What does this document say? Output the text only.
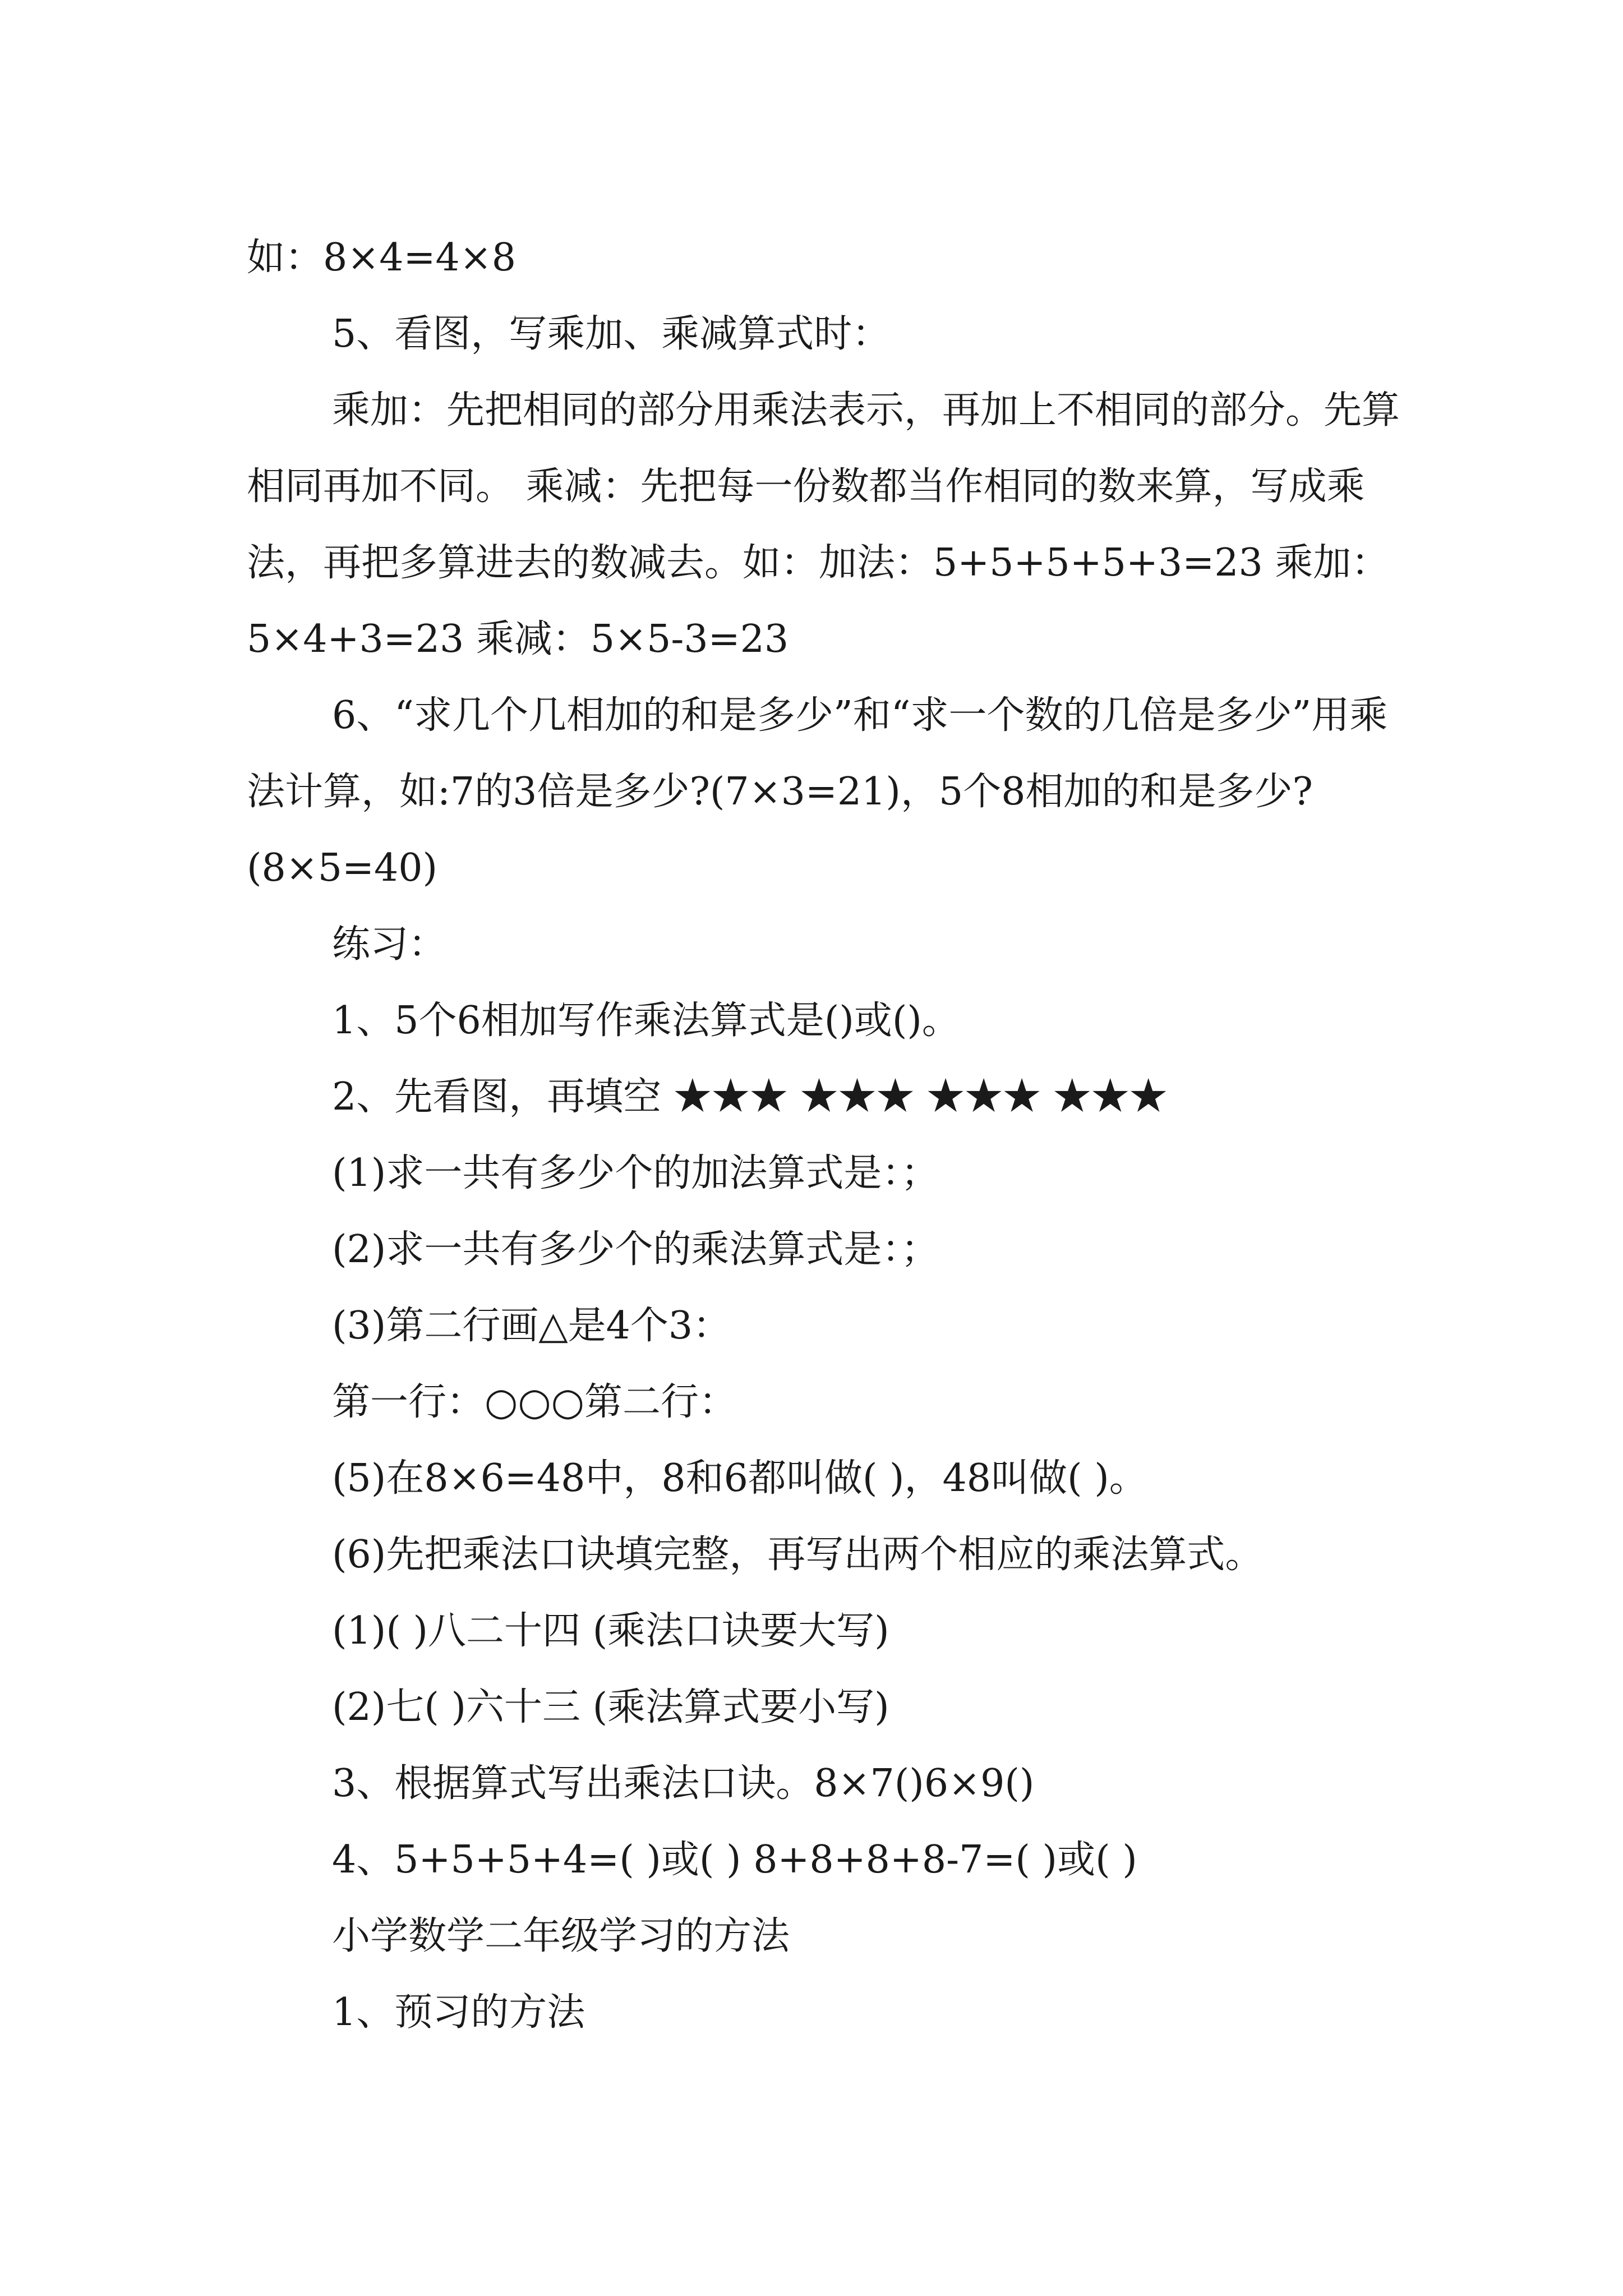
如：8×4=4×8

5、看图，写乘加、乘减算式时：

乘加：先把相同的部分用乘法表示，再加上不相同的部分。先算相同再加不同。 乘减：先把每一份数都当作相同的数来算，写成乘法，再把多算进去的数减去。如：加法：5+5+5+5+3=23 乘加：5×4+3=23 乘减：5×5-3=23

6、“求几个几相加的和是多少”和“求一个数的几倍是多少”用乘法计算，如:7的3倍是多少?(7×3=21)，5个8相加的和是多少?(8×5=40)

练习：

1、5个6相加写作乘法算式是()或()。

2、先看图，再填空 ★★★ ★★★ ★★★ ★★★

(1)求一共有多少个的加法算式是：；

(2)求一共有多少个的乘法算式是：；

(3)第二行画△是4个3：

第一行：○○○第二行：

(5)在8×6=48中，8和6都叫做( )，48叫做( )。

(6)先把乘法口诀填完整，再写出两个相应的乘法算式。

(1)( )八二十四 (乘法口诀要大写)

(2)七( )六十三 (乘法算式要小写)

3、根据算式写出乘法口诀。8×7()6×9()

4、5+5+5+4=( )或( ) 8+8+8+8-7=( )或( )

小学数学二年级学习的方法

1、预习的方法
